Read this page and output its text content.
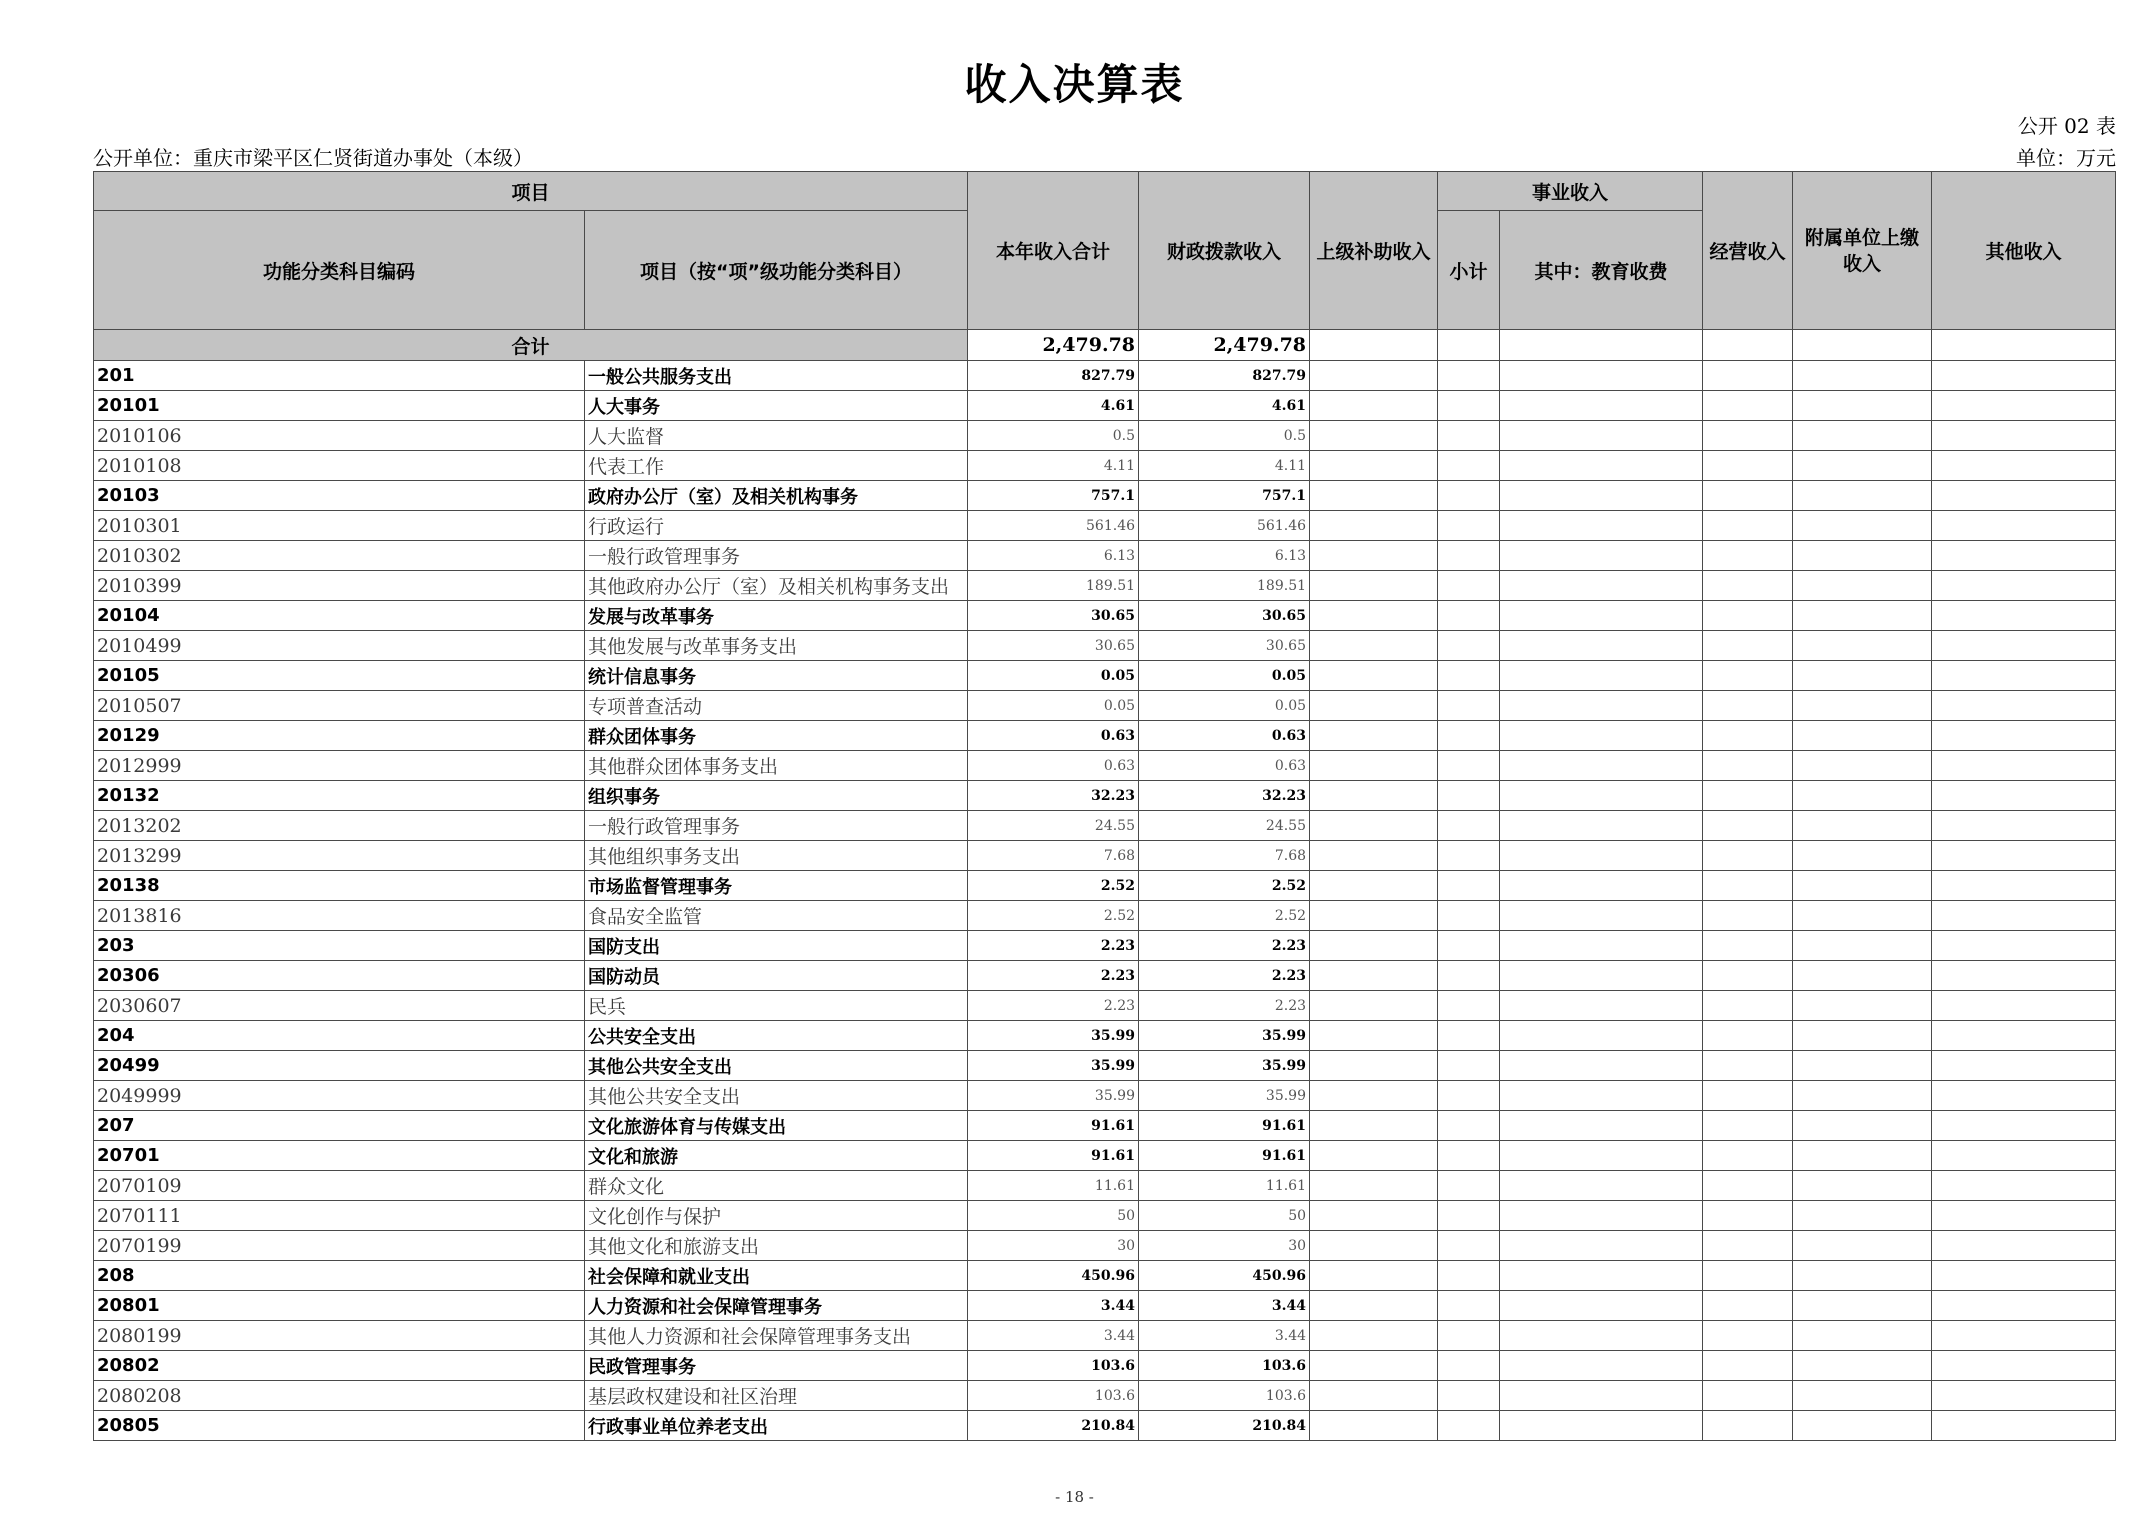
收入决算表
公开 02 表
公开单位：重庆市梁平区仁贤街道办事处（本级）	单位：万元
项目		本年收入合计	财政拨款收入	上级补助收入	事业收入		经营收入	附属单位上缴收入	其他收入
功能分类科目编码	项目（按“项”级功能分类科目）				小计	其中：教育收费			
合计		2,479.78	2,479.78						
201	一般公共服务支出	827.79	827.79						
20101	人大事务	4.61	4.61						
2010106	人大监督	0.5	0.5						
2010108	代表工作	4.11	4.11						
20103	政府办公厅（室）及相关机构事务	757.1	757.1						
2010301	行政运行	561.46	561.46						
2010302	一般行政管理事务	6.13	6.13						
2010399	其他政府办公厅（室）及相关机构事务支出	189.51	189.51						
20104	发展与改革事务	30.65	30.65						
2010499	其他发展与改革事务支出	30.65	30.65						
20105	统计信息事务	0.05	0.05						
2010507	专项普查活动	0.05	0.05						
20129	群众团体事务	0.63	0.63						
2012999	其他群众团体事务支出	0.63	0.63						
20132	组织事务	32.23	32.23						
2013202	一般行政管理事务	24.55	24.55						
2013299	其他组织事务支出	7.68	7.68						
20138	市场监督管理事务	2.52	2.52						
2013816	食品安全监管	2.52	2.52						
203	国防支出	2.23	2.23						
20306	国防动员	2.23	2.23						
2030607	民兵	2.23	2.23						
204	公共安全支出	35.99	35.99						
20499	其他公共安全支出	35.99	35.99						
2049999	其他公共安全支出	35.99	35.99						
207	文化旅游体育与传媒支出	91.61	91.61						
20701	文化和旅游	91.61	91.61						
2070109	群众文化	11.61	11.61						
2070111	文化创作与保护	50	50						
2070199	其他文化和旅游支出	30	30						
208	社会保障和就业支出	450.96	450.96						
20801	人力资源和社会保障管理事务	3.44	3.44						
2080199	其他人力资源和社会保障管理事务支出	3.44	3.44						
20802	民政管理事务	103.6	103.6						
2080208	基层政权建设和社区治理	103.6	103.6						
20805	行政事业单位养老支出	210.84	210.84						
- 18 -
